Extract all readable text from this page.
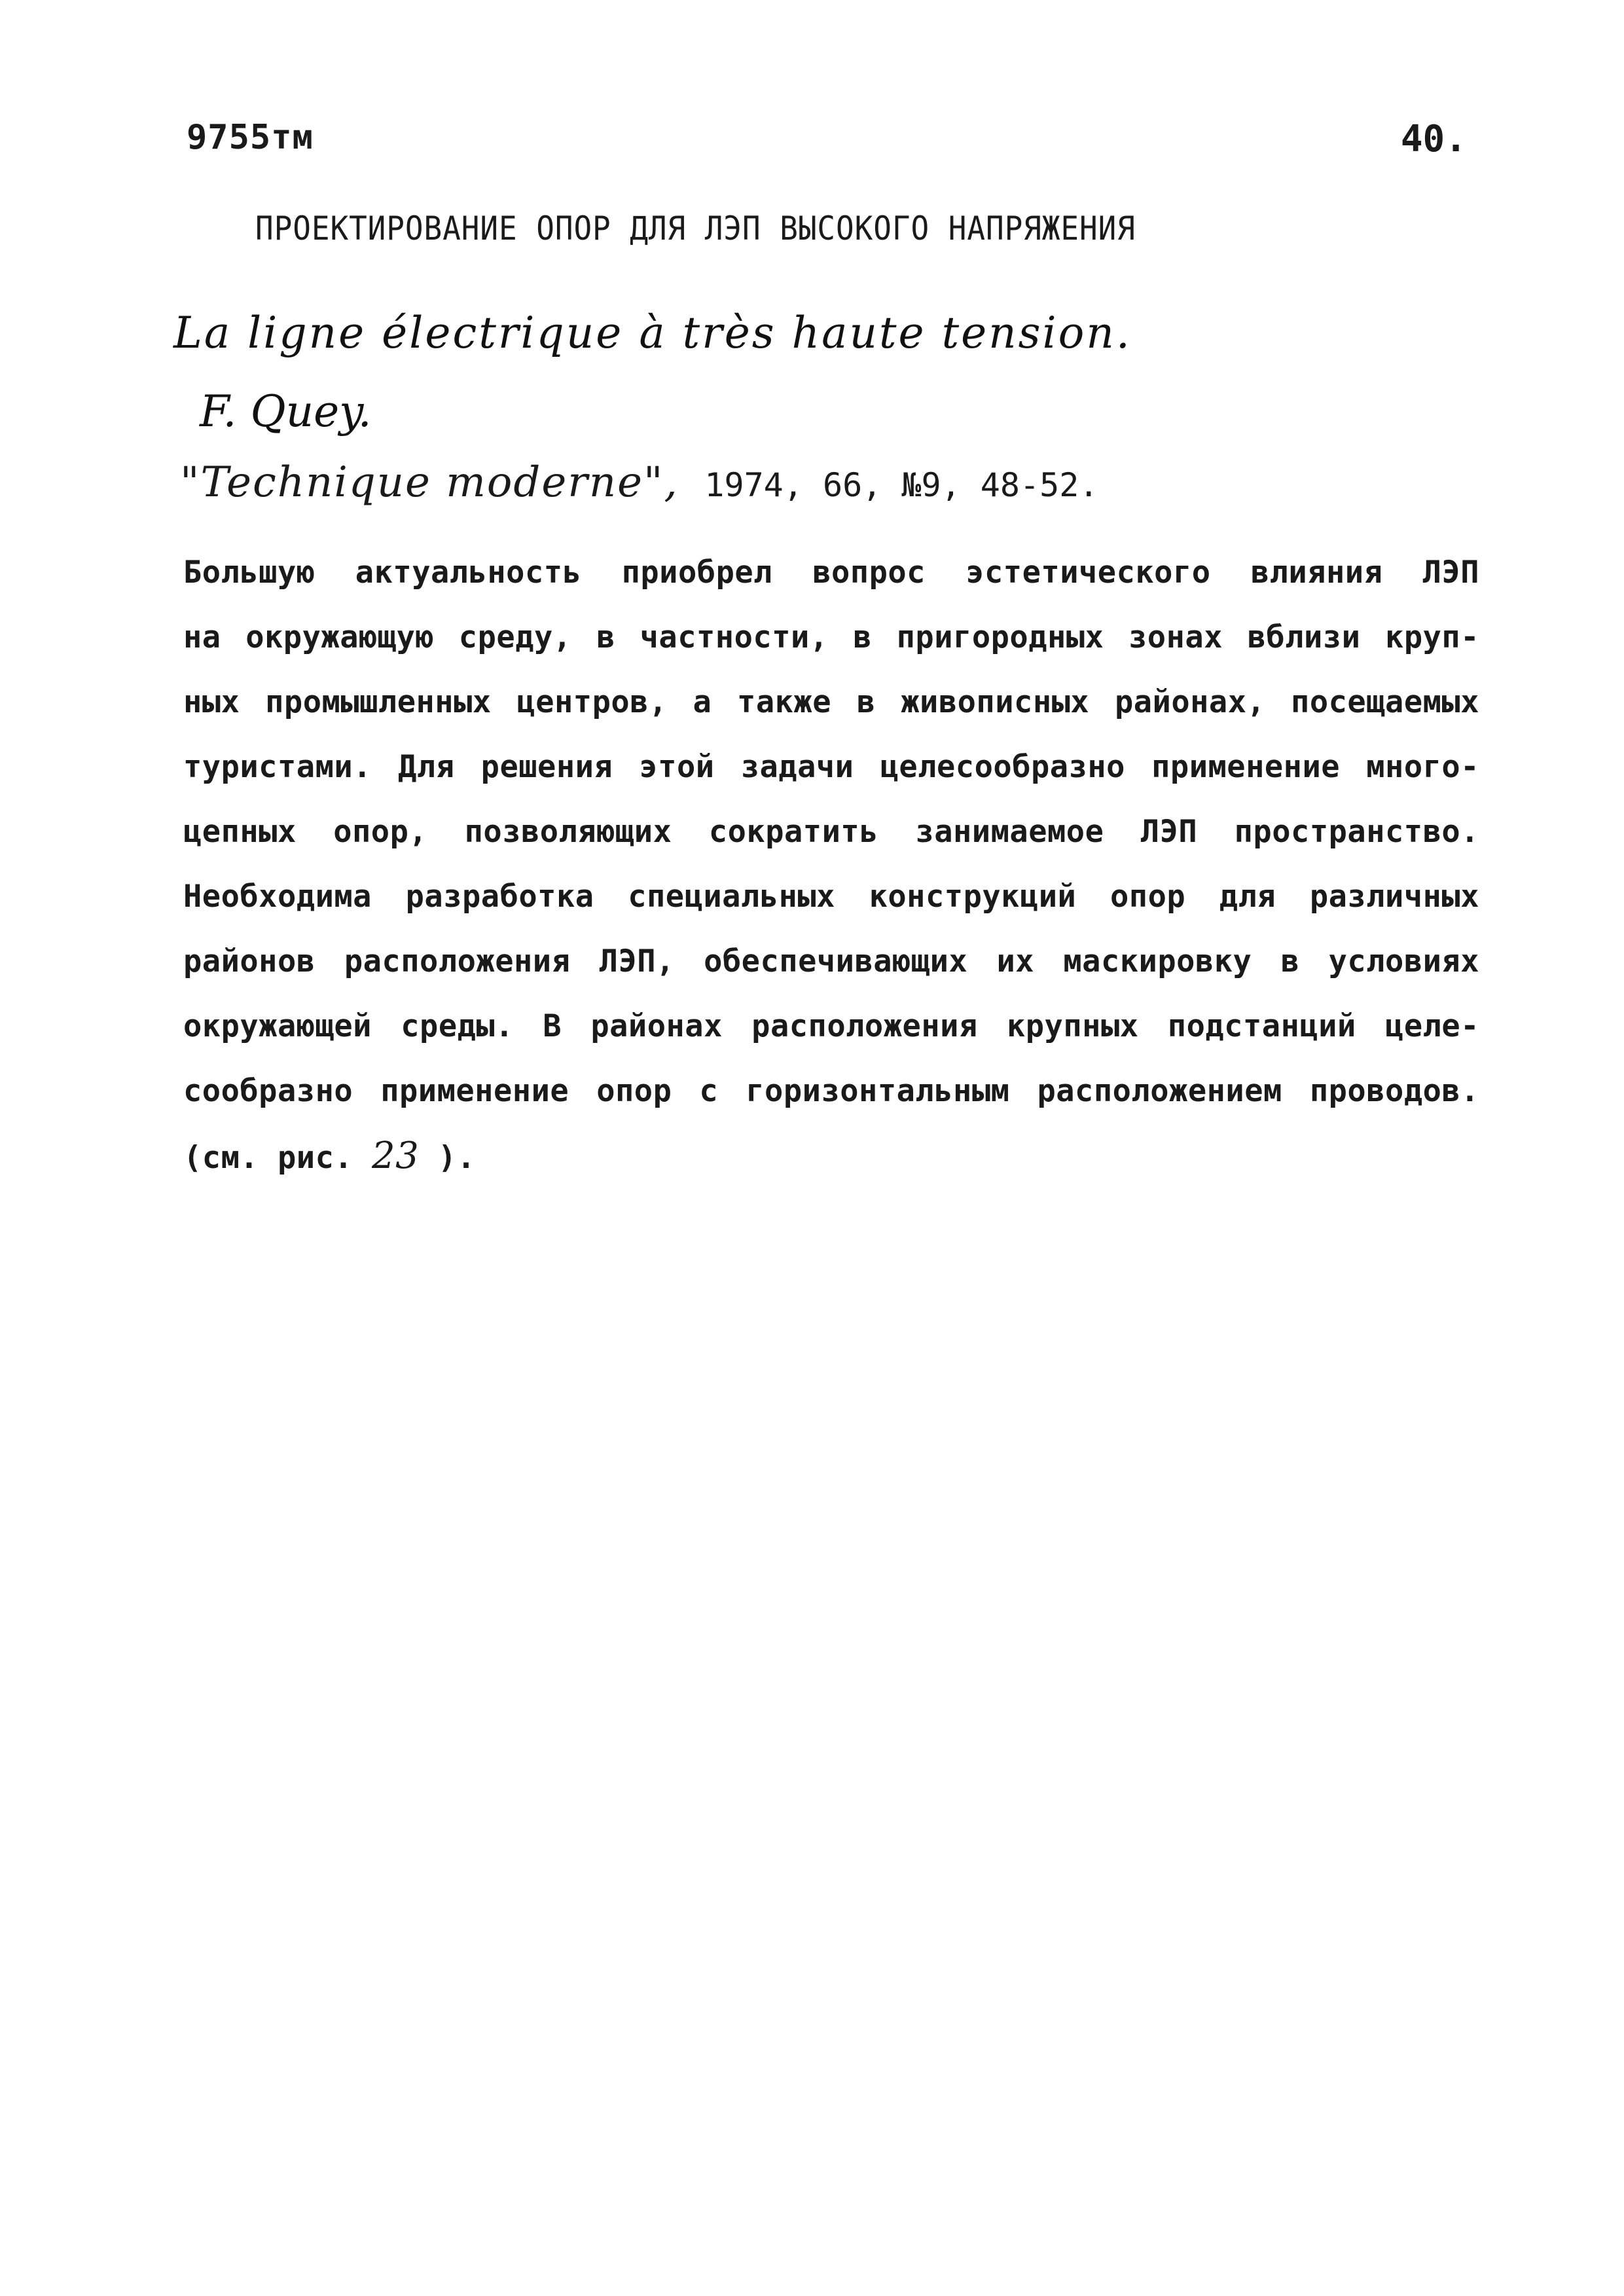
9755тм	40.
ПРОЕКТИРОВАНИЕ ОПОР ДЛЯ ЛЭП ВЫСОКОГО НАПРЯЖЕНИЯ
La ligne électrique à très haute tension.
F. Quey.
"Technique moderne", 1974, 66, №9, 48-52.
Большую актуальность приобрел вопрос эстетического влияния ЛЭП
на окружающую среду, в частности, в пригородных зонах вблизи круп-
ных промышленных центров, а также в живописных районах, посещаемых
туристами. Для решения этой задачи целесообразно применение много-
цепных опор, позволяющих сократить занимаемое ЛЭП пространство.
Необходима разработка специальных конструкций опор для различных
районов расположения ЛЭП, обеспечивающих их маскировку в условиях
окружающей среды. В районах расположения крупных подстанций целе-
сообразно применение опор с горизонтальным расположением проводов.
(см. рис. 23 ).
